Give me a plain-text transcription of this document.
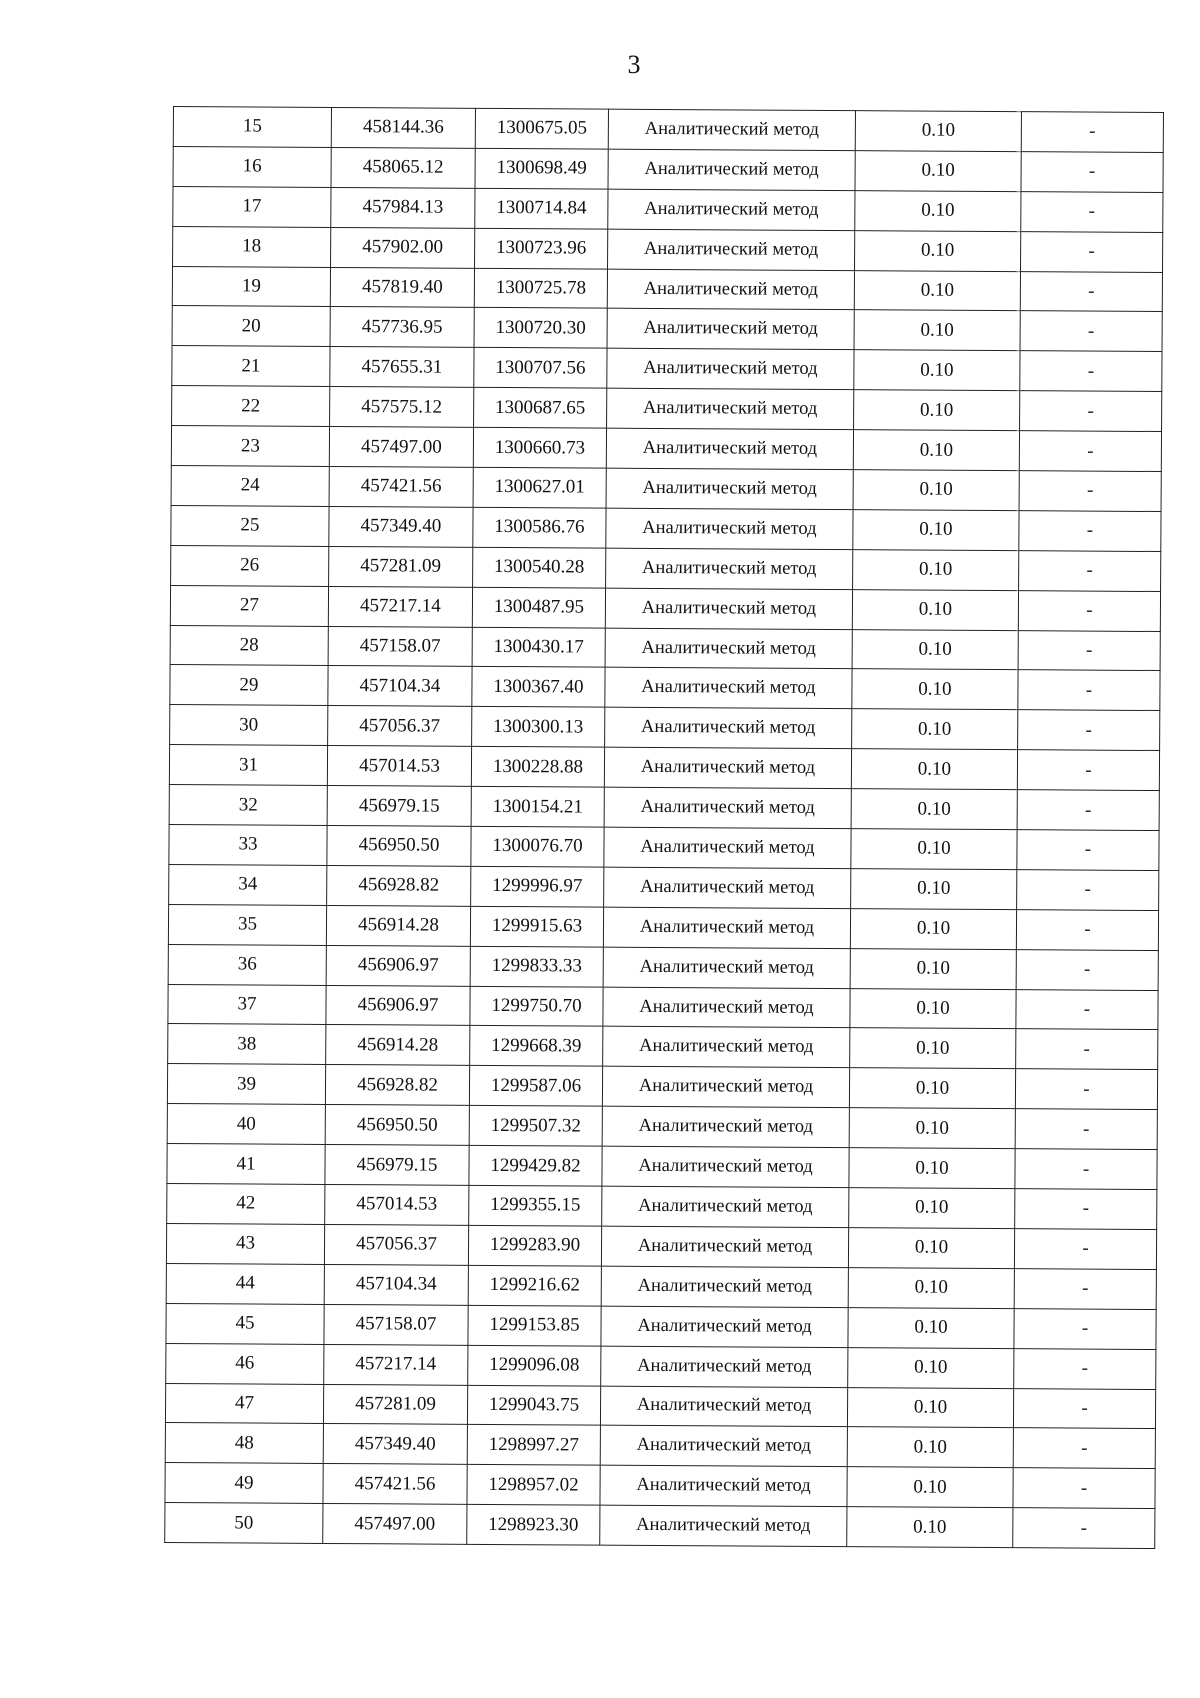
3
15	458144.36	1300675.05	Аналитический метод	0.10	-
16	458065.12	1300698.49	Аналитический метод	0.10	-
17	457984.13	1300714.84	Аналитический метод	0.10	-
18	457902.00	1300723.96	Аналитический метод	0.10	-
19	457819.40	1300725.78	Аналитический метод	0.10	-
20	457736.95	1300720.30	Аналитический метод	0.10	-
21	457655.31	1300707.56	Аналитический метод	0.10	-
22	457575.12	1300687.65	Аналитический метод	0.10	-
23	457497.00	1300660.73	Аналитический метод	0.10	-
24	457421.56	1300627.01	Аналитический метод	0.10	-
25	457349.40	1300586.76	Аналитический метод	0.10	-
26	457281.09	1300540.28	Аналитический метод	0.10	-
27	457217.14	1300487.95	Аналитический метод	0.10	-
28	457158.07	1300430.17	Аналитический метод	0.10	-
29	457104.34	1300367.40	Аналитический метод	0.10	-
30	457056.37	1300300.13	Аналитический метод	0.10	-
31	457014.53	1300228.88	Аналитический метод	0.10	-
32	456979.15	1300154.21	Аналитический метод	0.10	-
33	456950.50	1300076.70	Аналитический метод	0.10	-
34	456928.82	1299996.97	Аналитический метод	0.10	-
35	456914.28	1299915.63	Аналитический метод	0.10	-
36	456906.97	1299833.33	Аналитический метод	0.10	-
37	456906.97	1299750.70	Аналитический метод	0.10	-
38	456914.28	1299668.39	Аналитический метод	0.10	-
39	456928.82	1299587.06	Аналитический метод	0.10	-
40	456950.50	1299507.32	Аналитический метод	0.10	-
41	456979.15	1299429.82	Аналитический метод	0.10	-
42	457014.53	1299355.15	Аналитический метод	0.10	-
43	457056.37	1299283.90	Аналитический метод	0.10	-
44	457104.34	1299216.62	Аналитический метод	0.10	-
45	457158.07	1299153.85	Аналитический метод	0.10	-
46	457217.14	1299096.08	Аналитический метод	0.10	-
47	457281.09	1299043.75	Аналитический метод	0.10	-
48	457349.40	1298997.27	Аналитический метод	0.10	-
49	457421.56	1298957.02	Аналитический метод	0.10	-
50	457497.00	1298923.30	Аналитический метод	0.10	-
